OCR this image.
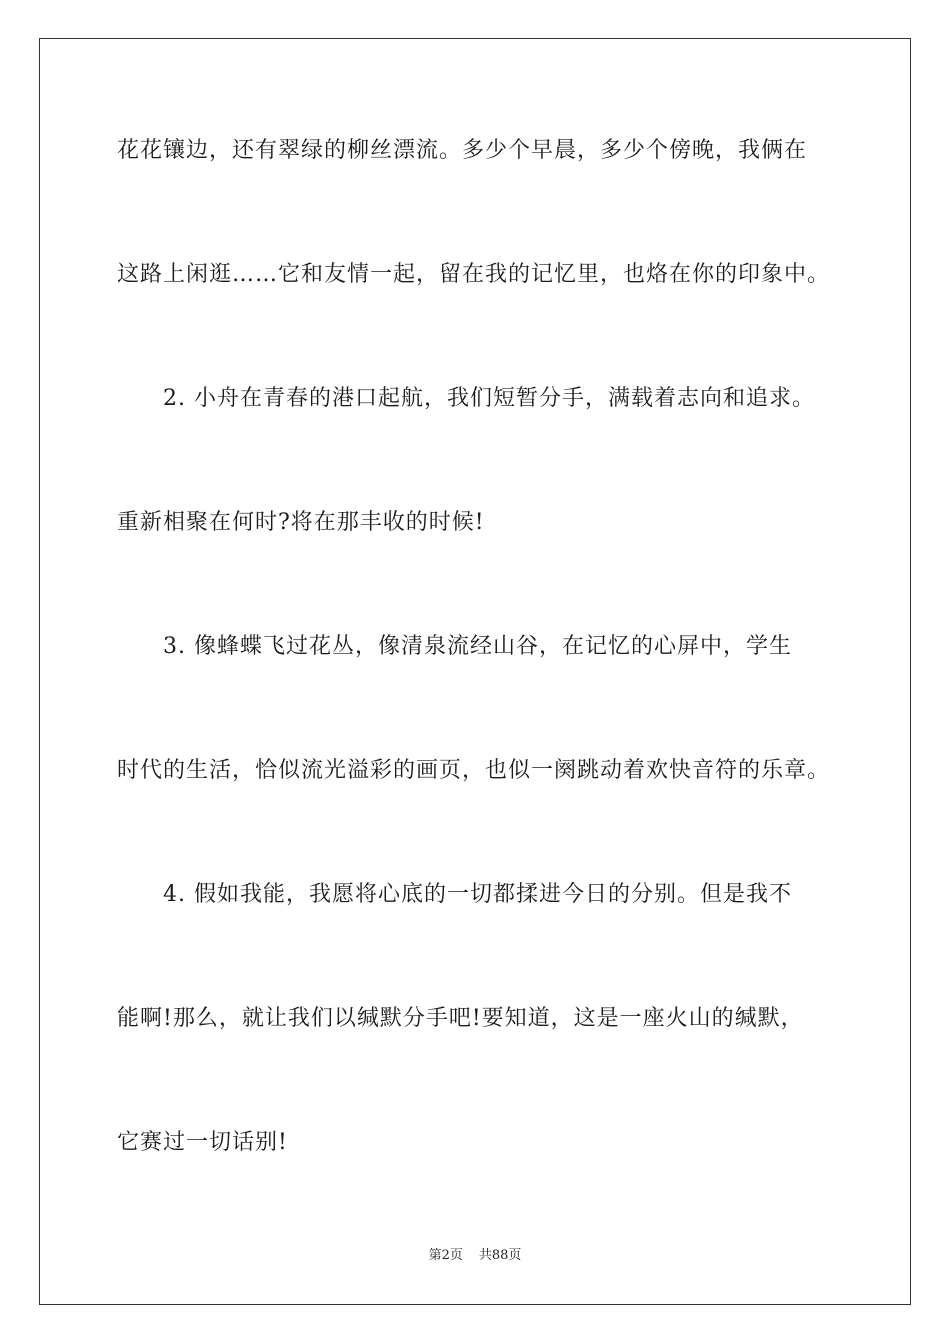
花花镶边，还有翠绿的柳丝漂流。多少个早晨，多少个傍晚，我俩在
这路上闲逛……它和友情一起，留在我的记忆里，也烙在你的印象中。
　　2. 小舟在青春的港口起航，我们短暂分手，满载着志向和追求。
重新相聚在何时?将在那丰收的时候!
　　3. 像蜂蝶飞过花丛，像清泉流经山谷，在记忆的心屏中，学生
时代的生活，恰似流光溢彩的画页，也似一阕跳动着欢快音符的乐章。
　　4. 假如我能，我愿将心底的一切都揉进今日的分别。但是我不
能啊!那么，就让我们以缄默分手吧!要知道，这是一座火山的缄默，
它赛过一切话别!
第2页 共88页
